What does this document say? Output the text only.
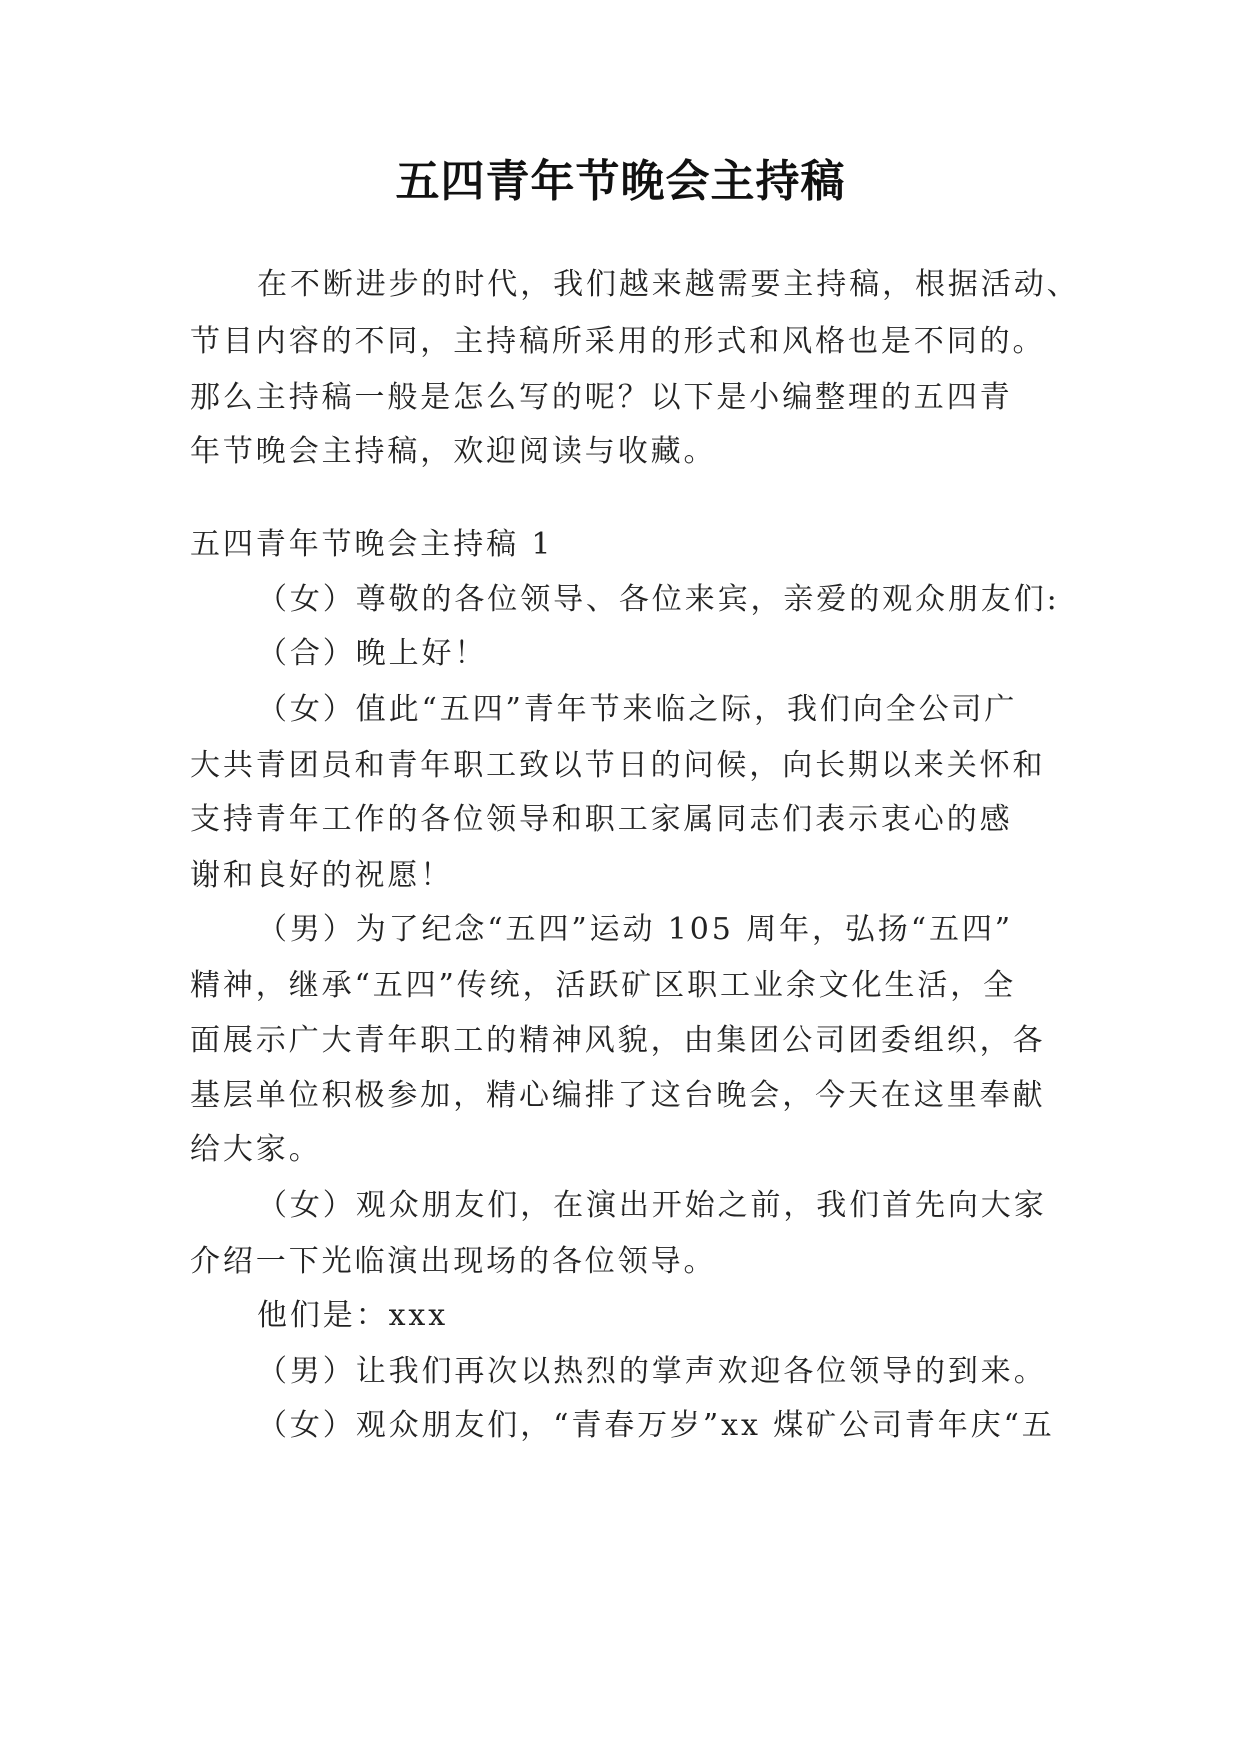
五四青年节晚会主持稿

在不断进步的时代，我们越来越需要主持稿，根据活动、

节目内容的不同，主持稿所采用的形式和风格也是不同的。

那么主持稿一般是怎么写的呢？以下是小编整理的五四青

年节晚会主持稿，欢迎阅读与收藏。

五四青年节晚会主持稿 1

（女）尊敬的各位领导、各位来宾，亲爱的观众朋友们:

（合）晚上好！

（女）值此“五四”青年节来临之际，我们向全公司广

大共青团员和青年职工致以节日的问候，向长期以来关怀和

支持青年工作的各位领导和职工家属同志们表示衷心的感

谢和良好的祝愿！

（男）为了纪念“五四”运动 105 周年，弘扬“五四”

精神，继承“五四”传统，活跃矿区职工业余文化生活，全

面展示广大青年职工的精神风貌，由集团公司团委组织，各

基层单位积极参加，精心编排了这台晚会，今天在这里奉献

给大家。

（女）观众朋友们，在演出开始之前，我们首先向大家

介绍一下光临演出现场的各位领导。

他们是：xxx

（男）让我们再次以热烈的掌声欢迎各位领导的到来。

（女）观众朋友们，“青春万岁”xx 煤矿公司青年庆“五
